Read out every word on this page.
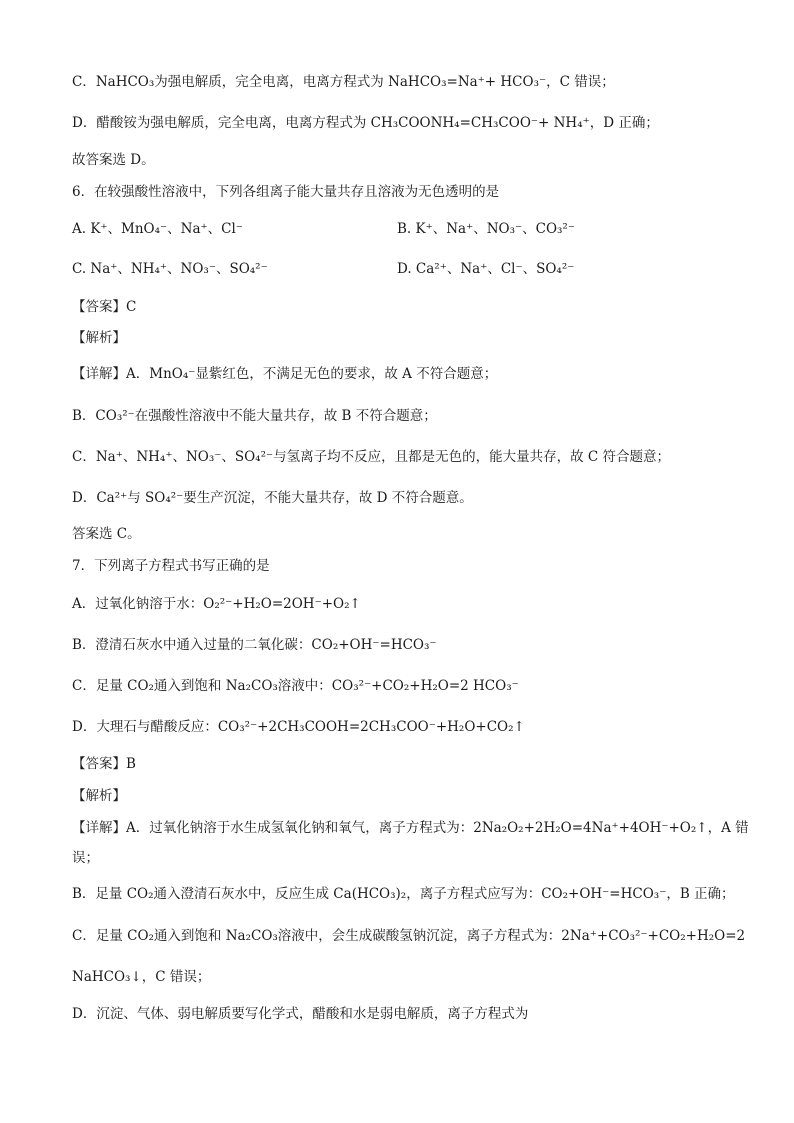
C．NaHCO₃为强电解质，完全电离，电离方程式为 NaHCO₃=Na⁺+ HCO₃⁻，C 错误；
D．醋酸铵为强电解质，完全电离，电离方程式为 CH₃COONH₄=CH₃COO⁻+ NH₄⁺，D 正确；
故答案选 D。
6．在较强酸性溶液中，下列各组离子能大量共存且溶液为无色透明的是
A. K⁺、MnO₄⁻、Na⁺、Cl⁻	B. K⁺、Na⁺、NO₃⁻、CO₃²⁻
C. Na⁺、NH₄⁺、NO₃⁻、SO₄²⁻	D. Ca²⁺、Na⁺、Cl⁻、SO₄²⁻
【答案】C
【解析】
【详解】A．MnO₄⁻显紫红色，不满足无色的要求，故 A 不符合题意；
B．CO₃²⁻在强酸性溶液中不能大量共存，故 B 不符合题意；
C．Na⁺、NH₄⁺、NO₃⁻、SO₄²⁻与氢离子均不反应，且都是无色的，能大量共存，故 C 符合题意；
D．Ca²⁺与 SO₄²⁻要生产沉淀，不能大量共存，故 D 不符合题意。
答案选 C。
7．下列离子方程式书写正确的是
A．过氧化钠溶于水：O₂²⁻+H₂O=2OH⁻+O₂↑
B．澄清石灰水中通入过量的二氧化碳：CO₂+OH⁻=HCO₃⁻
C．足量 CO₂通入到饱和 Na₂CO₃溶液中：CO₃²⁻+CO₂+H₂O=2 HCO₃⁻
D．大理石与醋酸反应：CO₃²⁻+2CH₃COOH=2CH₃COO⁻+H₂O+CO₂↑
【答案】B
【解析】
【详解】A．过氧化钠溶于水生成氢氧化钠和氧气，离子方程式为：2Na₂O₂+2H₂O=4Na⁺+4OH⁻+O₂↑，A 错
误；
B．足量 CO₂通入澄清石灰水中，反应生成 Ca(HCO₃)₂，离子方程式应写为：CO₂+OH⁻=HCO₃⁻，B 正确；
C．足量 CO₂通入到饱和 Na₂CO₃溶液中，会生成碳酸氢钠沉淀，离子方程式为：2Na⁺+CO₃²⁻+CO₂+H₂O=2
NaHCO₃↓，C 错误；
D．沉淀、气体、弱电解质要写化学式，醋酸和水是弱电解质，离子方程式为
